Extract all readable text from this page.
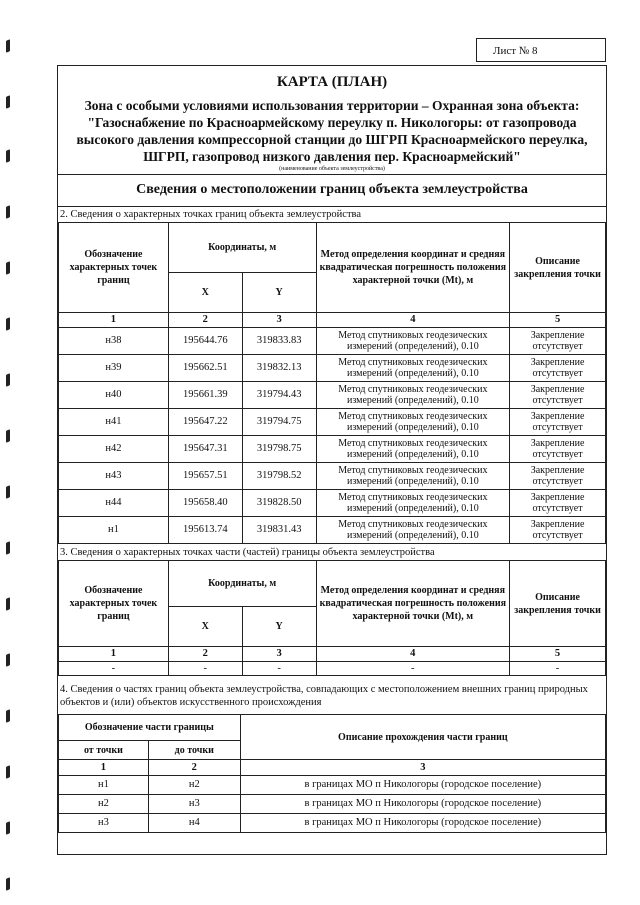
Лист № 8
КАРТА (ПЛАН)
Зона с особыми условиями использования территории – Охранная зона объекта: "Газоснабжение по Красноармейскому переулку п. Никологоры: от газопровода высокого давления компрессорной станции до ШГРП Красноармейского переулка, ШГРП, газопровод низкого давления пер. Красноармейский"
(наименование объекта землеустройства)
Сведения о местоположении границ объекта землеустройства
2. Сведения о характерных точках границ объекта землеустройства
Обозначение характерных точек границ	Координаты, м		Метод определения координат и средняя квадратическая погрешность положения характерной точки (Mt), м	Описание закрепления точки
	X	Y		
1	2	3	4	5
н38	195644.76	319833.83	Метод спутниковых геодезических измерений (определений), 0.10	Закрепление отсутствует
н39	195662.51	319832.13	Метод спутниковых геодезических измерений (определений), 0.10	Закрепление отсутствует
н40	195661.39	319794.43	Метод спутниковых геодезических измерений (определений), 0.10	Закрепление отсутствует
н41	195647.22	319794.75	Метод спутниковых геодезических измерений (определений), 0.10	Закрепление отсутствует
н42	195647.31	319798.75	Метод спутниковых геодезических измерений (определений), 0.10	Закрепление отсутствует
н43	195657.51	319798.52	Метод спутниковых геодезических измерений (определений), 0.10	Закрепление отсутствует
н44	195658.40	319828.50	Метод спутниковых геодезических измерений (определений), 0.10	Закрепление отсутствует
н1	195613.74	319831.43	Метод спутниковых геодезических измерений (определений), 0.10	Закрепление отсутствует
3. Сведения о характерных точках части (частей) границы объекта землеустройства
Обозначение характерных точек границ	Координаты, м		Метод определения координат и средняя квадратическая погрешность положения характерной точки (Mt), м	Описание закрепления точки
	X	Y		
1	2	3	4	5
-	-	-	-	-
4. Сведения о частях границ объекта землеустройства, совпадающих с местоположением внешних границ природных объектов и (или) объектов искусственного происхождения
Обозначение части границы		Описание прохождения части границ
от точки	до точки	
1	2	3
н1	н2	в границах МО п Никологоры (городское поселение)
н2	н3	в границах МО п Никологоры (городское поселение)
н3	н4	в границах МО п Никологоры (городское поселение)
